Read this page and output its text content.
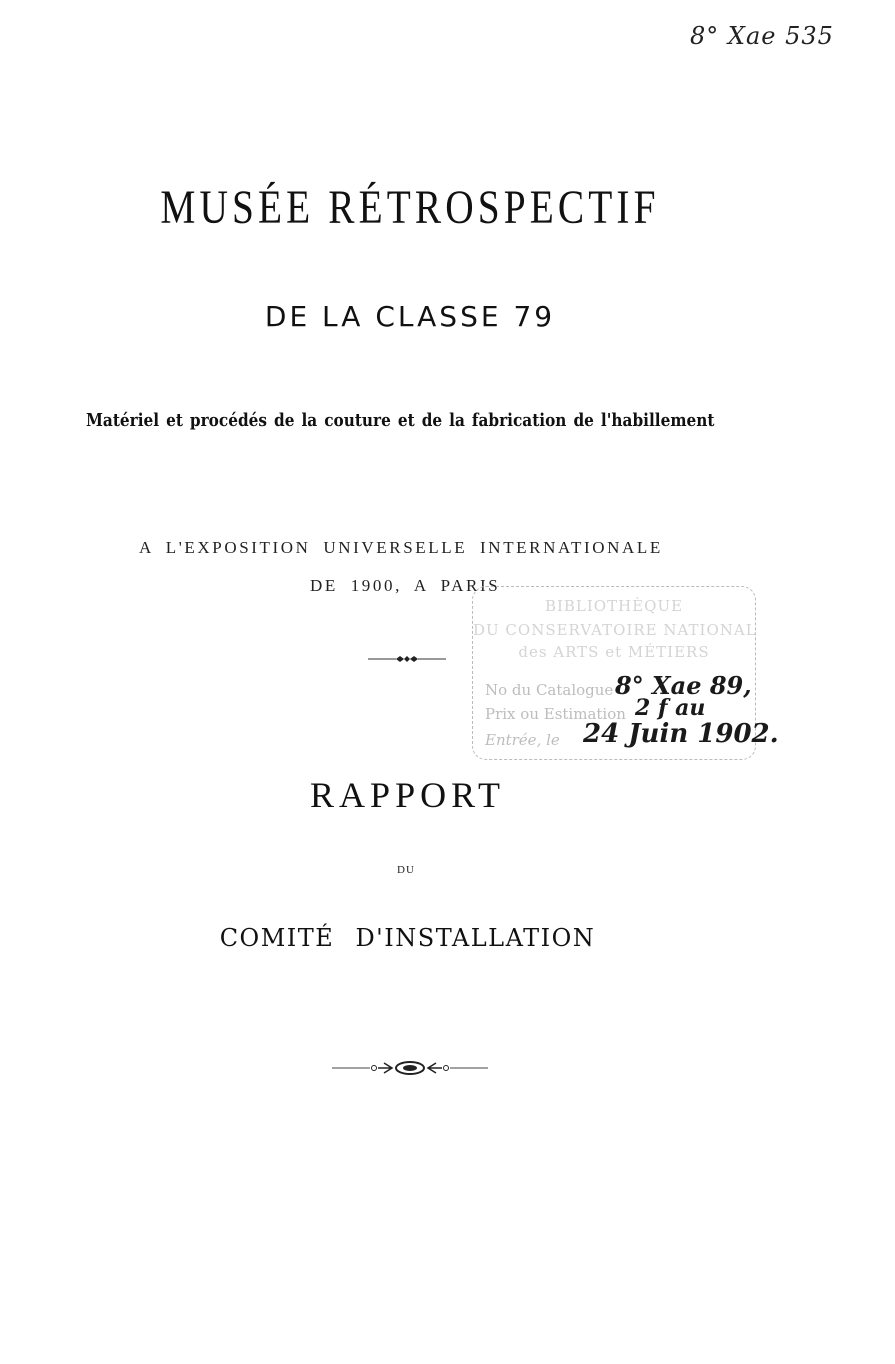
8° Xae 535
MUSÉE RÉTROSPECTIF
DE LA CLASSE 79
Matériel et procédés de la couture et de la fabrication de l'habillement
A L'EXPOSITION UNIVERSELLE INTERNATIONALE
DE 1900, A PARIS
BIBLIOTHÈQUE
DU CONSERVATOIRE NATIONAL
des ARTS et MÉTIERS
No du Catalogue 8° Xae 89,
Prix ou Estimation 2 f au
Entrée, le 24 Juin 1902.
RAPPORT
DU
COMITÉ D'INSTALLATION
